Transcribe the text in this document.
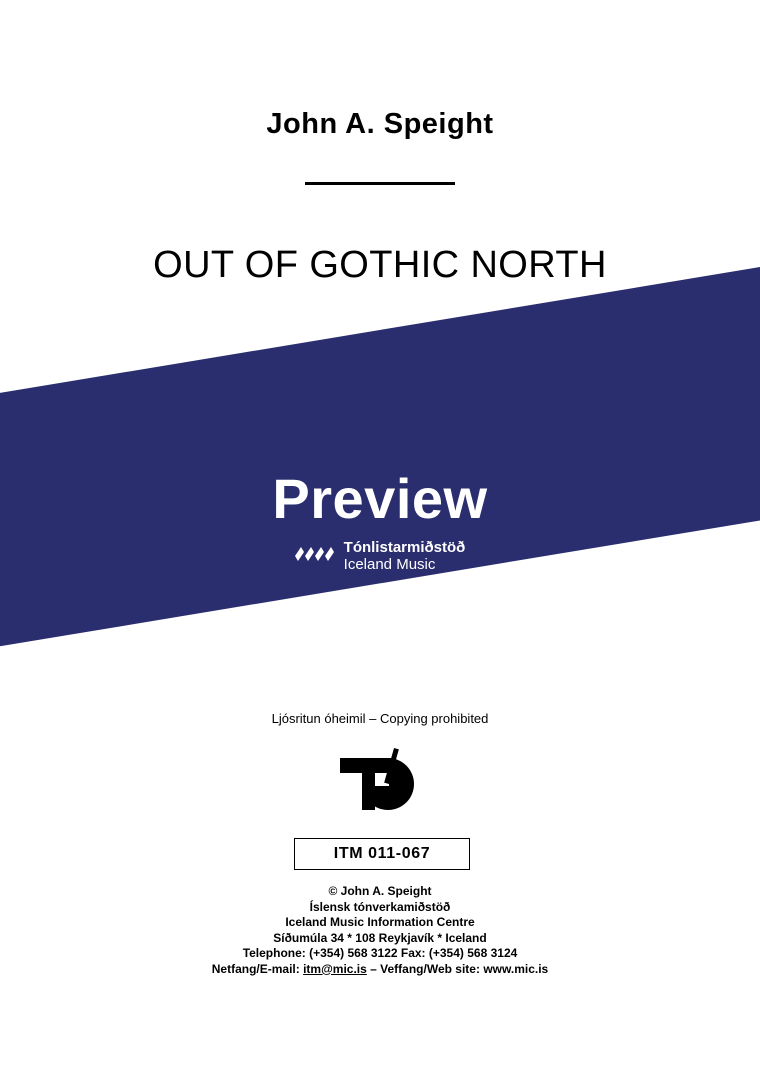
John A. Speight
OUT OF GOTHIC NORTH
Preview
Tónlistarmiðstöð
Iceland Music
Ljósritun óheimil – Copying prohibited
ITM 011-067
© John A. Speight
Íslensk tónverkamiðstöð
Iceland Music Information Centre
Síðumúla 34 * 108 Reykjavík * Iceland
Telephone: (+354) 568 3122 Fax: (+354) 568 3124
Netfang/E-mail: itm@mic.is – Veffang/Web site: www.mic.is
